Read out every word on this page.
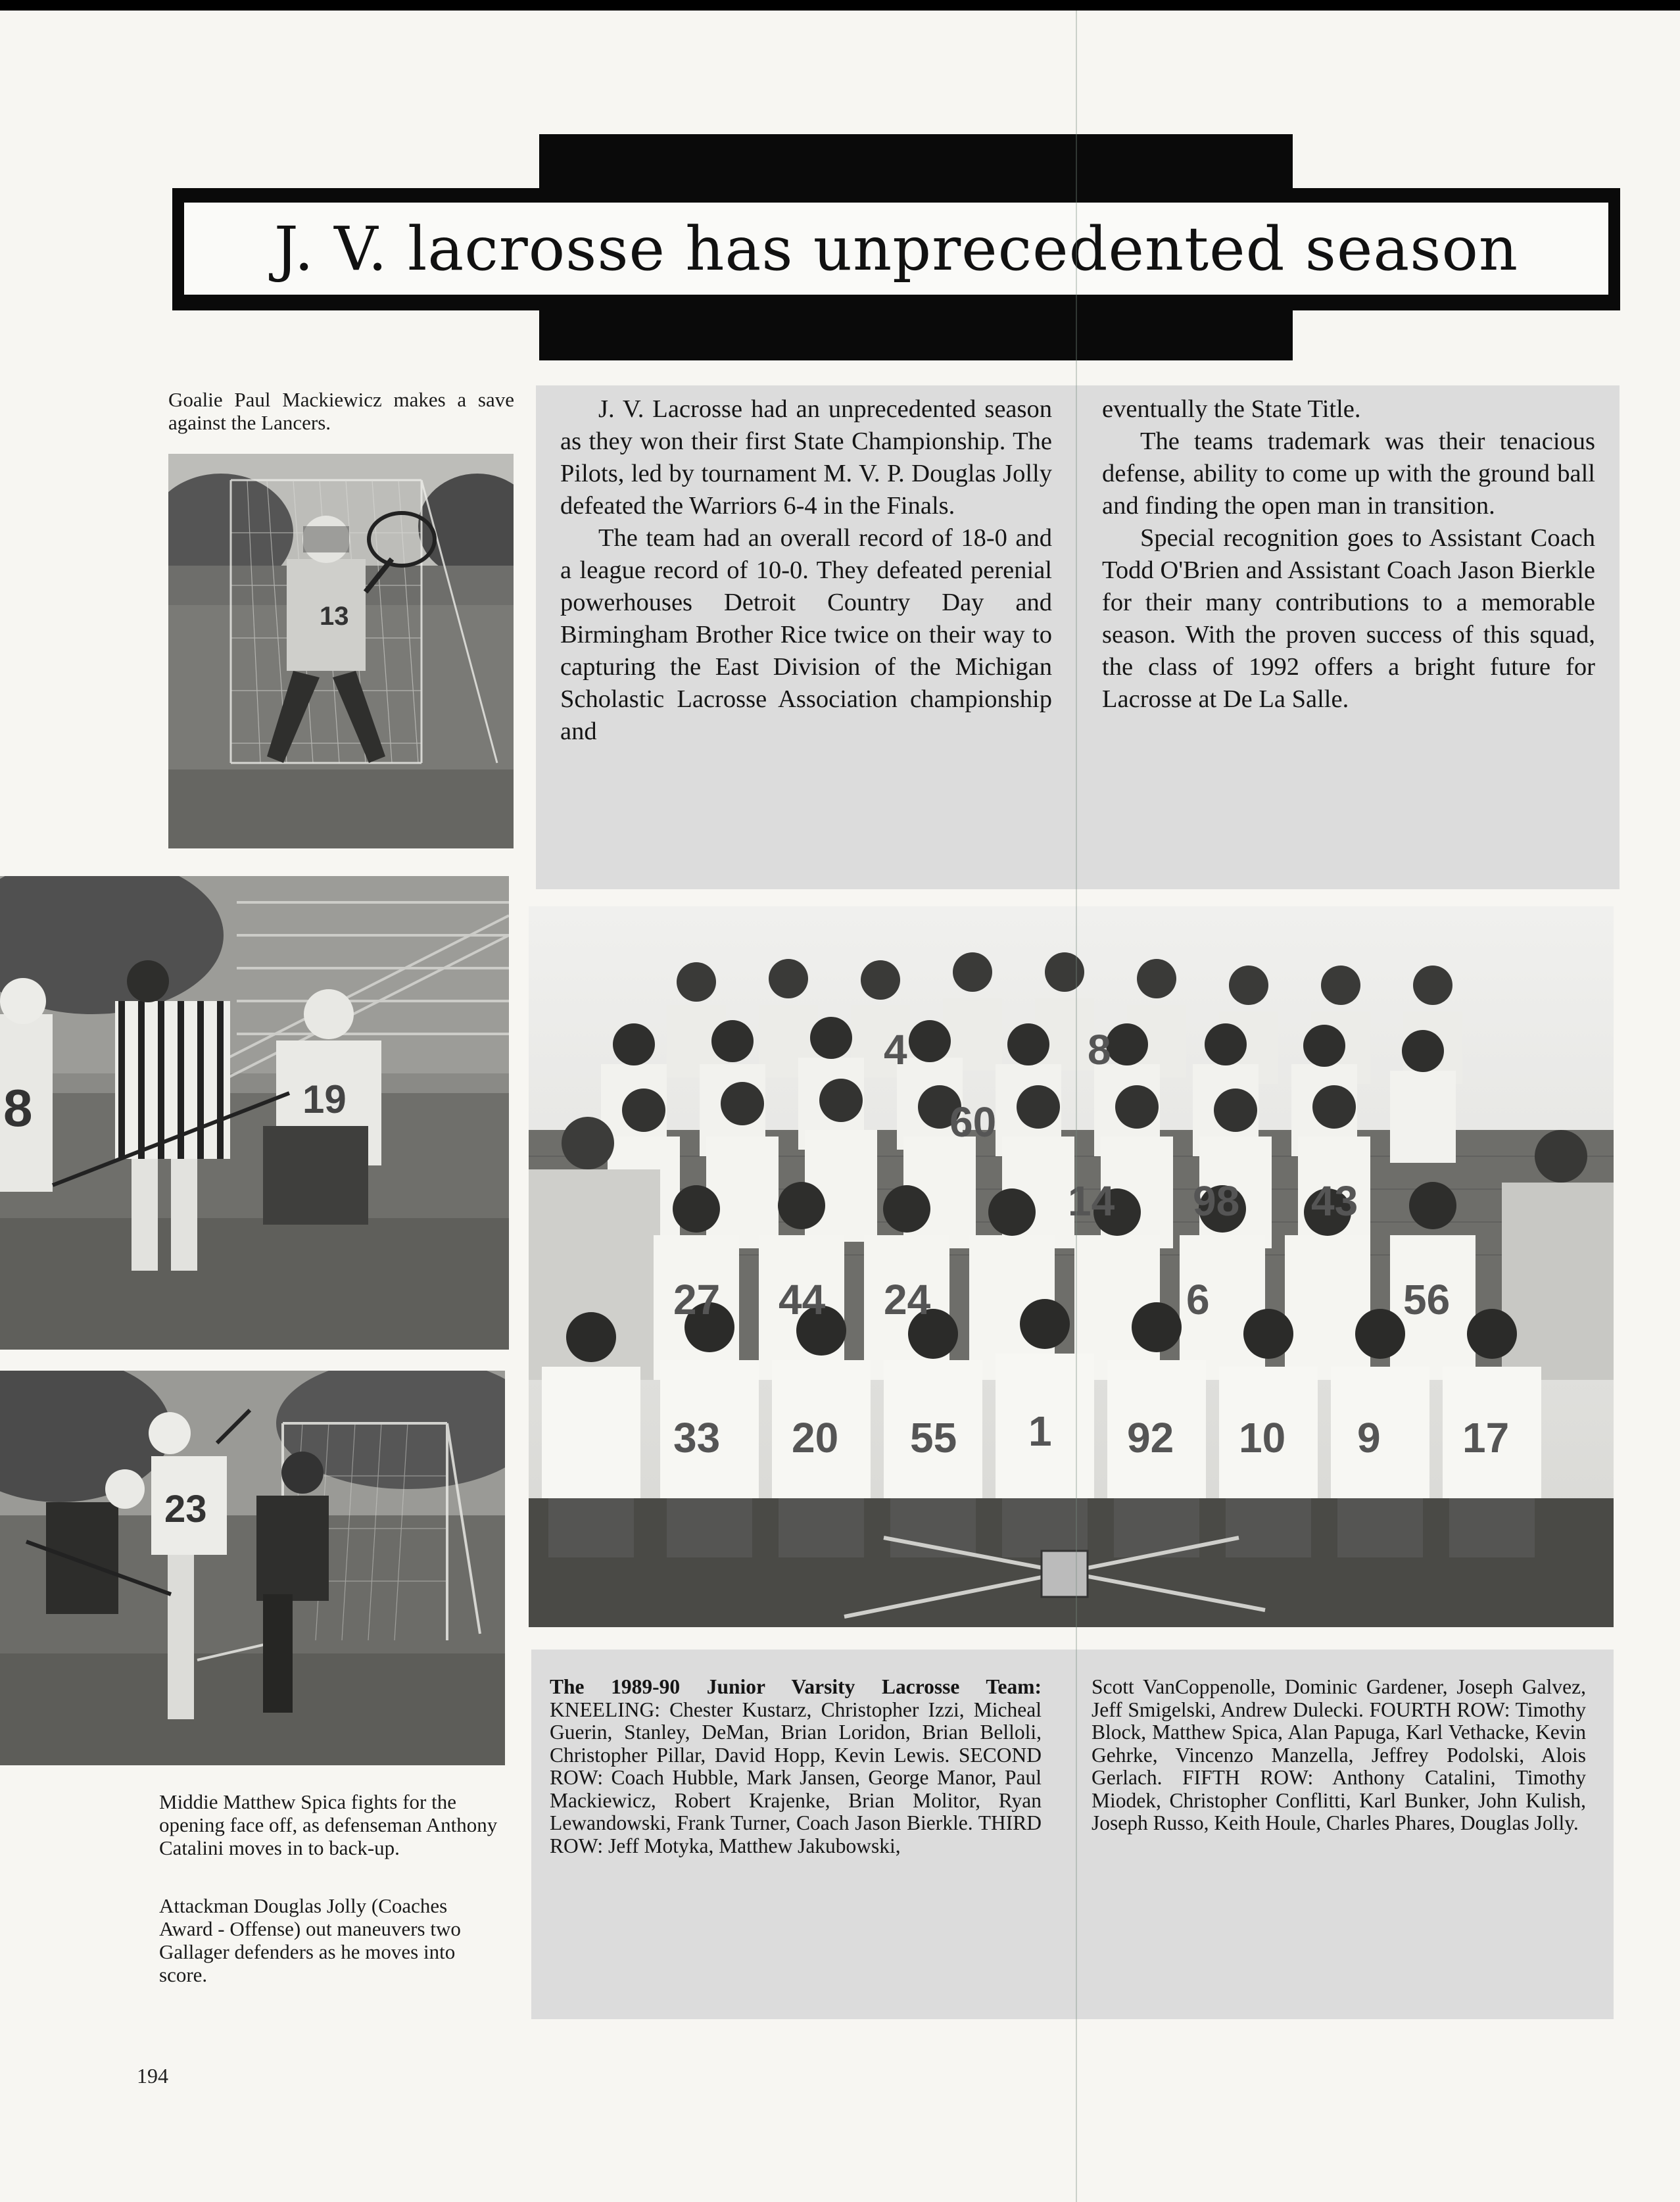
J. V. lacrosse has unprecedented season

Goalie Paul Mackiewicz makes a save against the Lancers.

13

J. V. Lacrosse had an unprecedented season as they won their first State Championship. The Pilots, led by tournament M. V. P. Douglas Jolly defeated the Warriors 6-4 in the Finals.

The team had an overall record of 18-0 and a league record of 10-0. They defeated perenial powerhouses Detroit Country Day and Birmingham Brother Rice twice on their way to capturing the East Division of the Michigan Scholastic Lacrosse Association championship and

eventually the State Title.

The teams trademark was their tenacious defense, ability to come up with the ground ball and finding the open man in transition.

Special recognition goes to Assistant Coach Todd O'Brien and Assistant Coach Jason Bierkle for their many contributions to a memorable season. With the proven success of this squad, the class of 1992 offers a bright future for Lacrosse at De La Salle.

8	19
23

Middie Matthew Spica fights for the opening face off, as defenseman Anthony Catalini moves in to back-up.

Attackman Douglas Jolly (Coaches Award - Offense) out maneuvers two Gallager defenders as he moves into score.

33 20 55 1 92 10 9 17
27 44 24	6	56
98 43
14
60
4	8
The 1989-90 Junior Varsity Lacrosse Team: KNEELING: Chester Kustarz, Christopher Izzi, Micheal Guerin, Stanley, DeMan, Brian Loridon, Brian Belloli, Christopher Pillar, David Hopp, Kevin Lewis. SECOND ROW: Coach Hubble, Mark Jansen, George Manor, Paul Mackiewicz, Robert Krajenke, Brian Molitor, Ryan Lewandowski, Frank Turner, Coach Jason Bierkle. THIRD ROW: Jeff Motyka, Matthew Jakubowski,
Scott VanCoppenolle, Dominic Gardener, Joseph Galvez, Jeff Smigelski, Andrew Dulecki. FOURTH ROW: Timothy Block, Matthew Spica, Alan Papuga, Karl Vethacke, Kevin Gehrke, Vincenzo Manzella, Jeffrey Podolski, Alois Gerlach. FIFTH ROW: Anthony Catalini, Timothy Miodek, Christopher Conflitti, Karl Bunker, John Kulish, Joseph Russo, Keith Houle, Charles Phares, Douglas Jolly.
194
